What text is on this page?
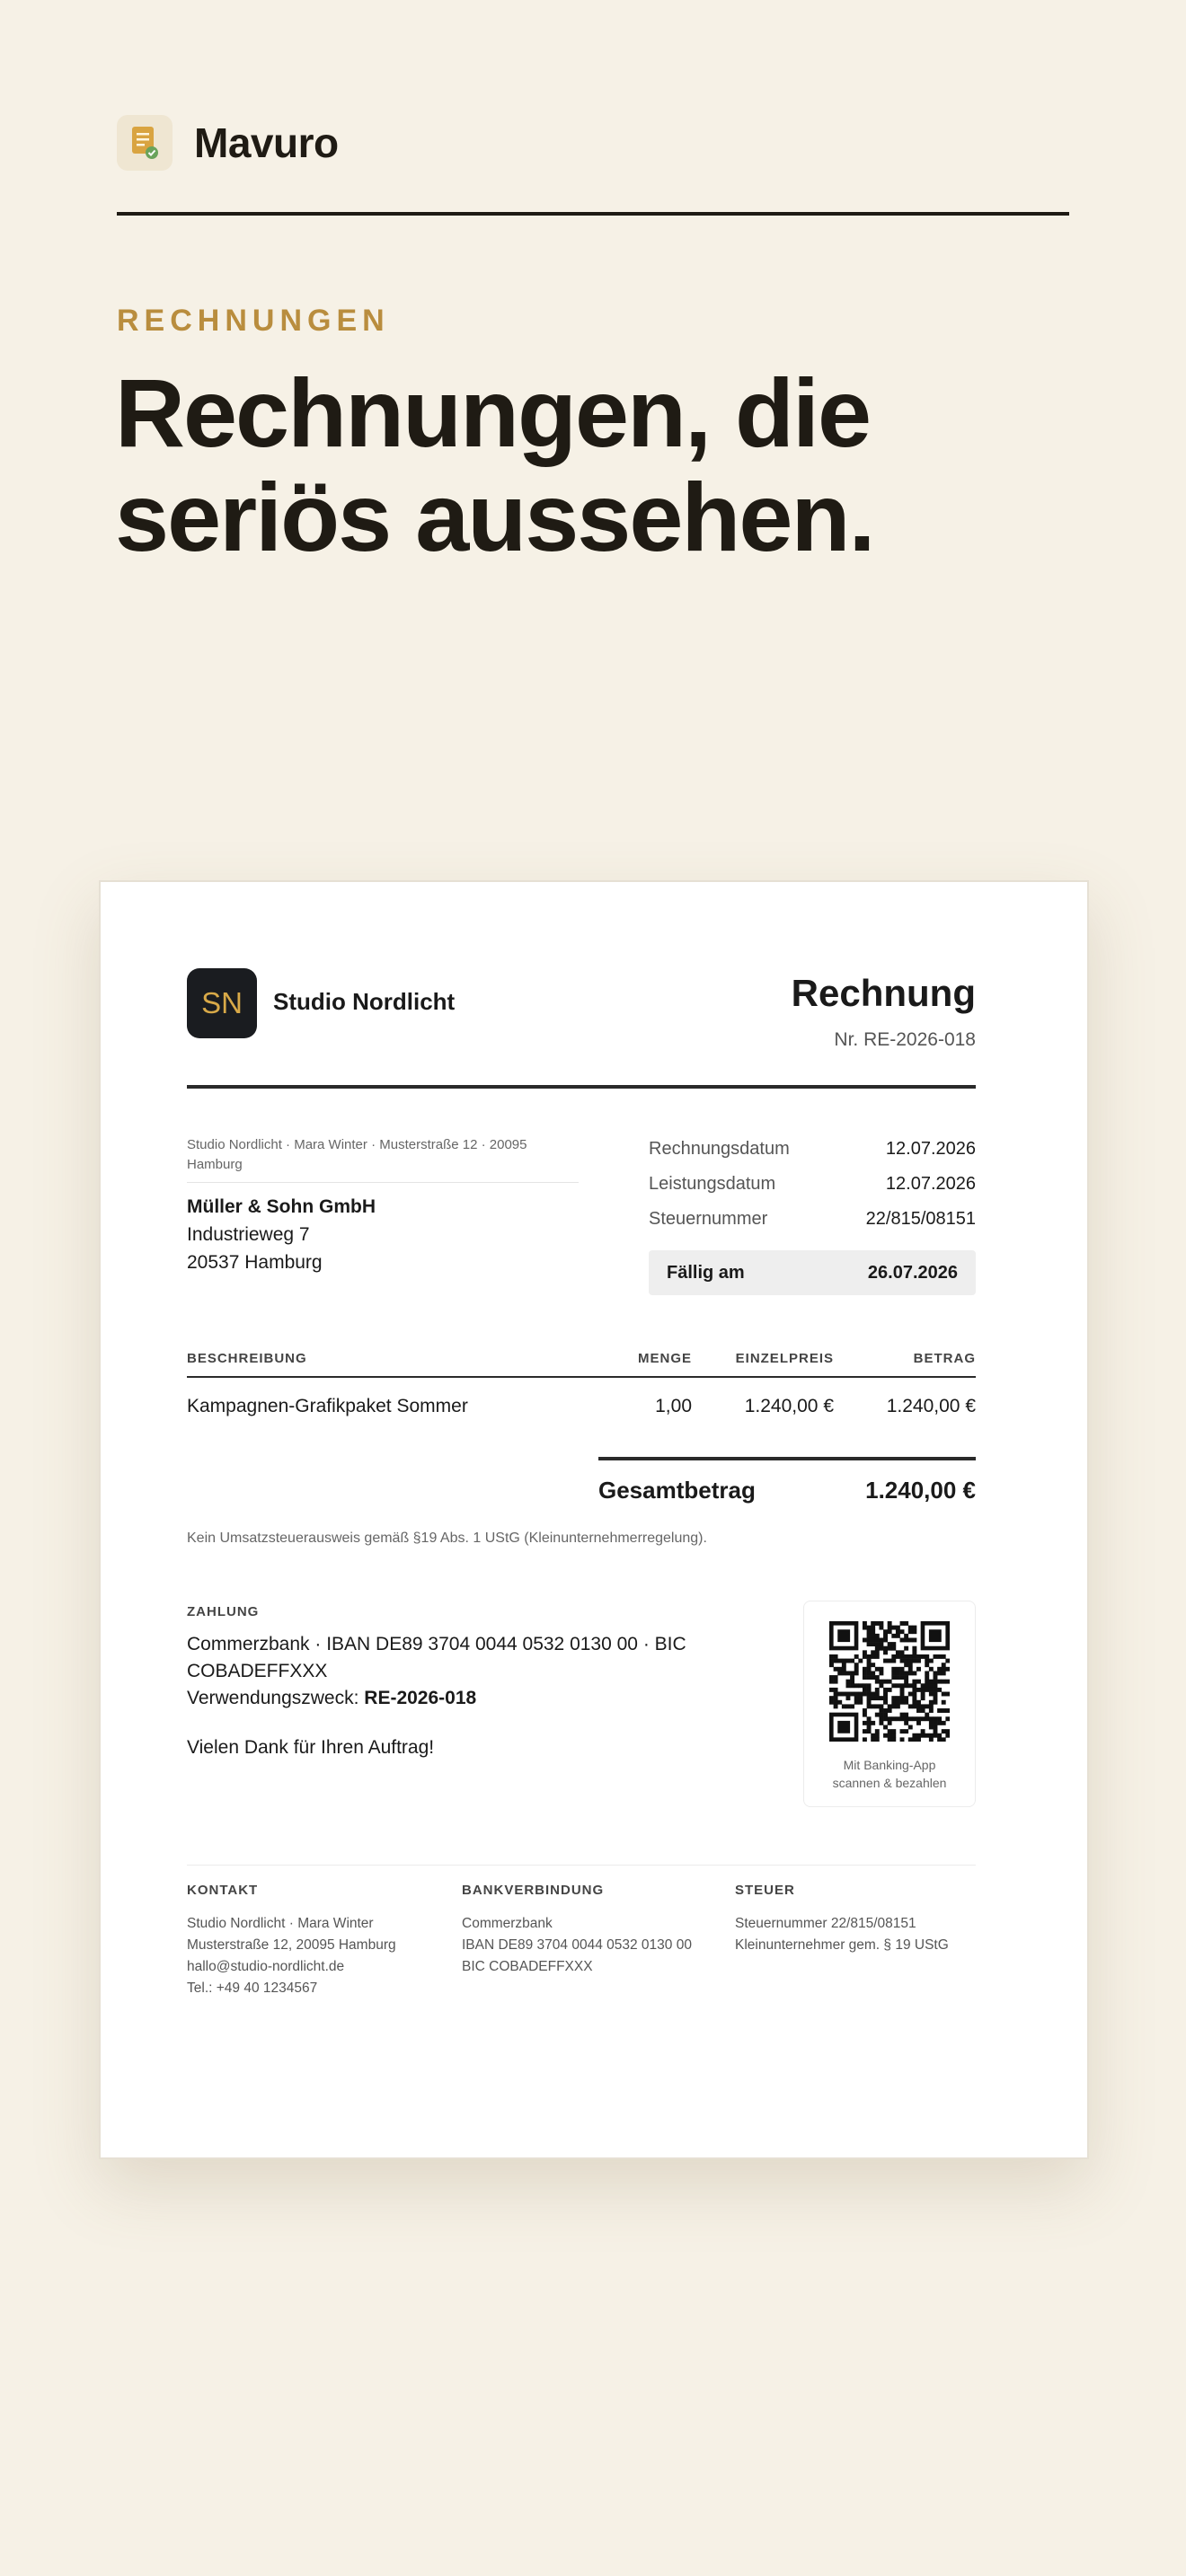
Mavuro
RECHNUNGEN
Rechnungen, die
seriös aussehen.
SN	Studio Nordlicht	Rechnung
Nr. RE-2026-018
Studio Nordlicht · Mara Winter · Musterstraße 12 · 20095 Hamburg
Müller & Sohn GmbH
Industrieweg 7
20537 Hamburg
Rechnungsdatum	12.07.2026
Leistungsdatum	12.07.2026
Steuernummer	22/815/08151
Fällig am	26.07.2026
BESCHREIBUNG	MENGE	EINZELPREIS	BETRAG
Kampagnen-Grafikpaket Sommer	1,00	1.240,00 €	1.240,00 €
Gesamtbetrag	1.240,00 €
Kein Umsatzsteuerausweis gemäß §19 Abs. 1 UStG (Kleinunternehmerregelung).
ZAHLUNG
Commerzbank · IBAN DE89 3704 0044 0532 0130 00 · BIC
COBADEFFXXX
Verwendungszweck: RE-2026-018
Vielen Dank für Ihren Auftrag!
Mit Banking-App
scannen & bezahlen
KONTAKT
Studio Nordlicht · Mara Winter
Musterstraße 12, 20095 Hamburg
hallo@studio-nordlicht.de
Tel.: +49 40 1234567
BANKVERBINDUNG
Commerzbank
IBAN DE89 3704 0044 0532 0130 00
BIC COBADEFFXXX
STEUER
Steuernummer 22/815/08151
Kleinunternehmer gem. § 19 UStG
